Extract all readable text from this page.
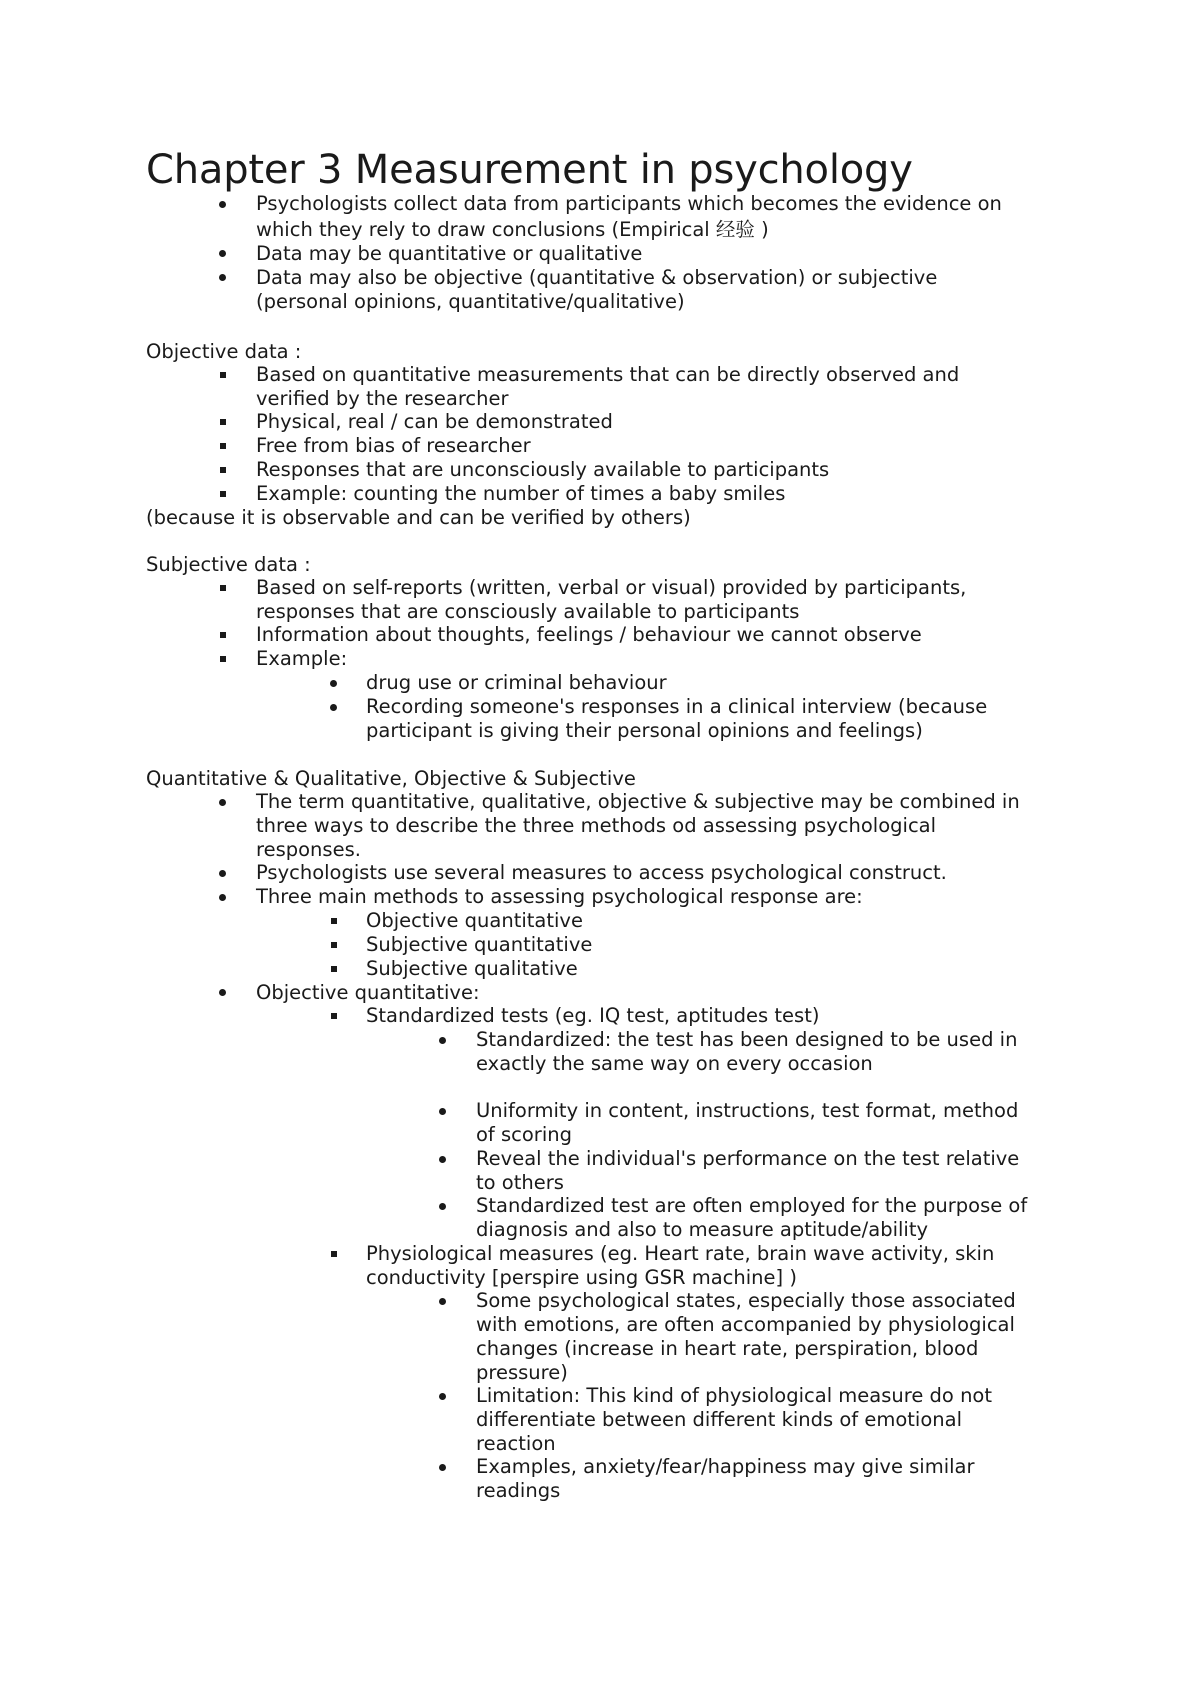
Chapter 3 Measurement in psychology
Psychologists collect data from participants which becomes the evidence on
which they rely to draw conclusions (Empirical 经验 )
Data may be quantitative or qualitative
Data may also be objective (quantitative & observation) or subjective
(personal opinions, quantitative/qualitative)
Objective data :
Based on quantitative measurements that can be directly observed and
verified by the researcher
Physical, real / can be demonstrated
Free from bias of researcher
Responses that are unconsciously available to participants
Example: counting the number of times a baby smiles
(because it is observable and can be verified by others)
Subjective data :
Based on self-reports (written, verbal or visual) provided by participants,
responses that are consciously available to participants
Information about thoughts, feelings / behaviour we cannot observe
Example:
drug use or criminal behaviour
Recording someone's responses in a clinical interview (because
participant is giving their personal opinions and feelings)
Quantitative & Qualitative, Objective & Subjective
The term quantitative, qualitative, objective & subjective may be combined in
three ways to describe the three methods od assessing psychological
responses.
Psychologists use several measures to access psychological construct.
Three main methods to assessing psychological response are:
Objective quantitative
Subjective quantitative
Subjective qualitative
Objective quantitative:
Standardized tests (eg. IQ test, aptitudes test)
Standardized: the test has been designed to be used in
exactly the same way on every occasion
Uniformity in content, instructions, test format, method
of scoring
Reveal the individual's performance on the test relative
to others
Standardized test are often employed for the purpose of
diagnosis and also to measure aptitude/ability
Physiological measures (eg. Heart rate, brain wave activity, skin
conductivity [perspire using GSR machine] )
Some psychological states, especially those associated
with emotions, are often accompanied by physiological
changes (increase in heart rate, perspiration, blood
pressure)
Limitation: This kind of physiological measure do not
differentiate between different kinds of emotional
reaction
Examples, anxiety/fear/happiness may give similar
readings
